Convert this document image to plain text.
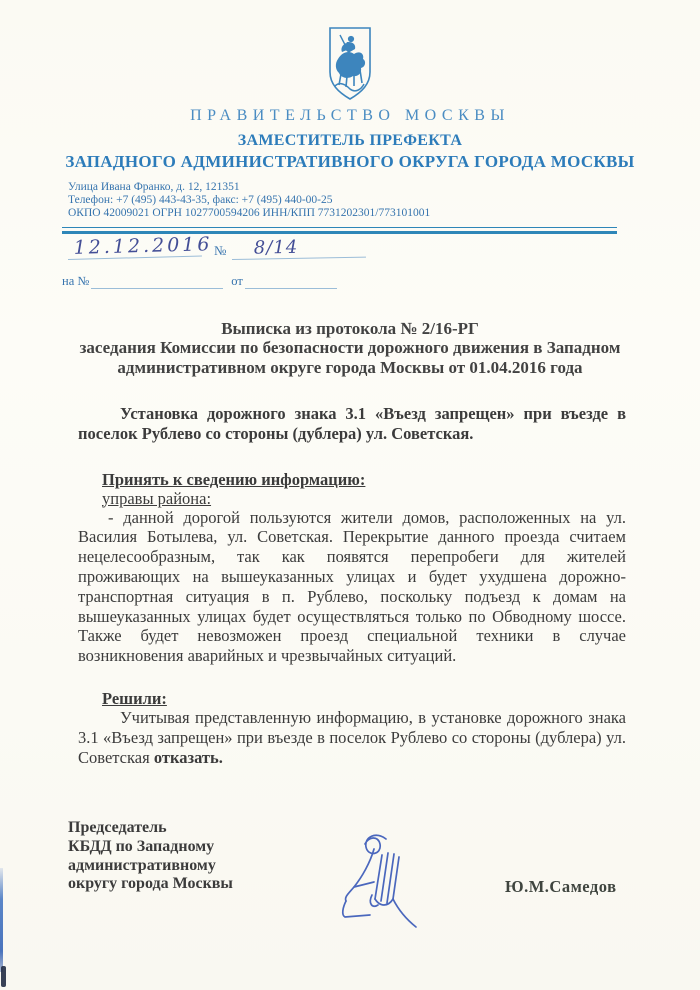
ПРАВИТЕЛЬСТВО МОСКВЫ
ЗАМЕСТИТЕЛЬ ПРЕФЕКТА
ЗАПАДНОГО АДМИНИСТРАТИВНОГО ОКРУГА ГОРОДА МОСКВЫ
Улица Ивана Франко, д. 12, 121351
Телефон: +7 (495) 443-43-35, факс: +7 (495) 440-00-25
ОКПО 42009021 ОГРН 1027700594206 ИНН/КПП 7731202301/773101001
12.12.2016 №	8/14
на №	от
Выписка из протокола № 2/16-РГ
заседания Комиссии по безопасности дорожного движения в Западном
административном округе города Москвы от 01.04.2016 года
Установка дорожного знака 3.1 «Въезд запрещен» при въезде в
поселок Рублево со стороны (дублера) ул. Советская.
Принять к сведению информацию:
управы района:
- данной дорогой пользуются жители домов, расположенных на ул.
Василия Ботылева, ул. Советская. Перекрытие данного проезда считаем
нецелесообразным, так как появятся перепробеги для жителей
проживающих на вышеуказанных улицах и будет ухудшена дорожно-
транспортная ситуация в п. Рублево, поскольку подъезд к домам на
вышеуказанных улицах будет осуществляться только по Обводному шоссе.
Также будет невозможен проезд специальной техники в случае
возникновения аварийных и чрезвычайных ситуаций.
Решили:
Учитывая представленную информацию, в установке дорожного знака
3.1 «Въезд запрещен» при въезде в поселок Рублево со стороны (дублера) ул.
Советская отказать.
Председатель
КБДД по Западному
административному
округу города Москвы	Ю.М.Самедов
